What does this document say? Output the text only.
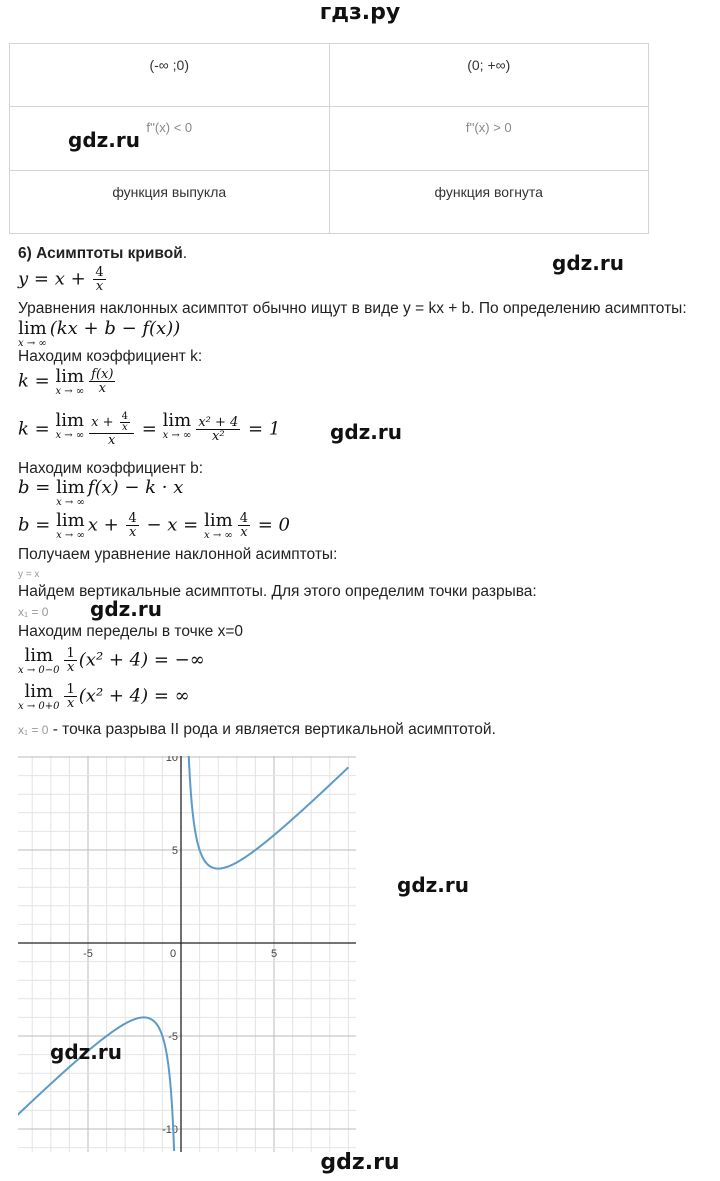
гдз.ру
(-∞ ;0)	(0; +∞)
f''(x) < 0	f''(x) > 0
функция выпукла	функция вогнута
gdz.ru
6) Асимптоты кривой.	gdz.ru
$y = x + \frac{4}{x}$
Уравнения наклонных асимптот обычно ищут в виде y = kx + b. По определению асимптоты:
lim
x → ∞
(kx + b − f(x))
Находим коэффициент k:
k = lim
x → ∞ $\frac{f(x)}{x}$
k = lim
x → ∞ $\frac{x + \frac{4}{x}}{x} = \lim$
x → ∞ $\frac{\text{x² + 4}}{\text{x²}} = 1$ gdz.ru
Находим коэффициент b:
b = lim
x → ∞
f(x) − k · x
b = lim
x → ∞ $x + \frac{4}{x} - x = \lim$
x → ∞ $\frac{4}{x} = 0$
Получаем уравнение наклонной асимптоты:
y = x
Найдем вертикальные асимптоты. Для этого определим точки разрыва:
x₁ = 0 gdz.ru
Находим переделы в точке x=0
lim
$x \to 0-0 \frac{1}{x} (x^2 + 4)$ = −∞
lim
$x \to 0+0 \frac{1}{x} (x^2 + 4)$ = ∞
x₁ = 0 - точка разрыва II рода и является вертикальной асимптотой.
-5	0	5
10
5
-5
-10
gdz.ru
gdz.ru
gdz.ru
